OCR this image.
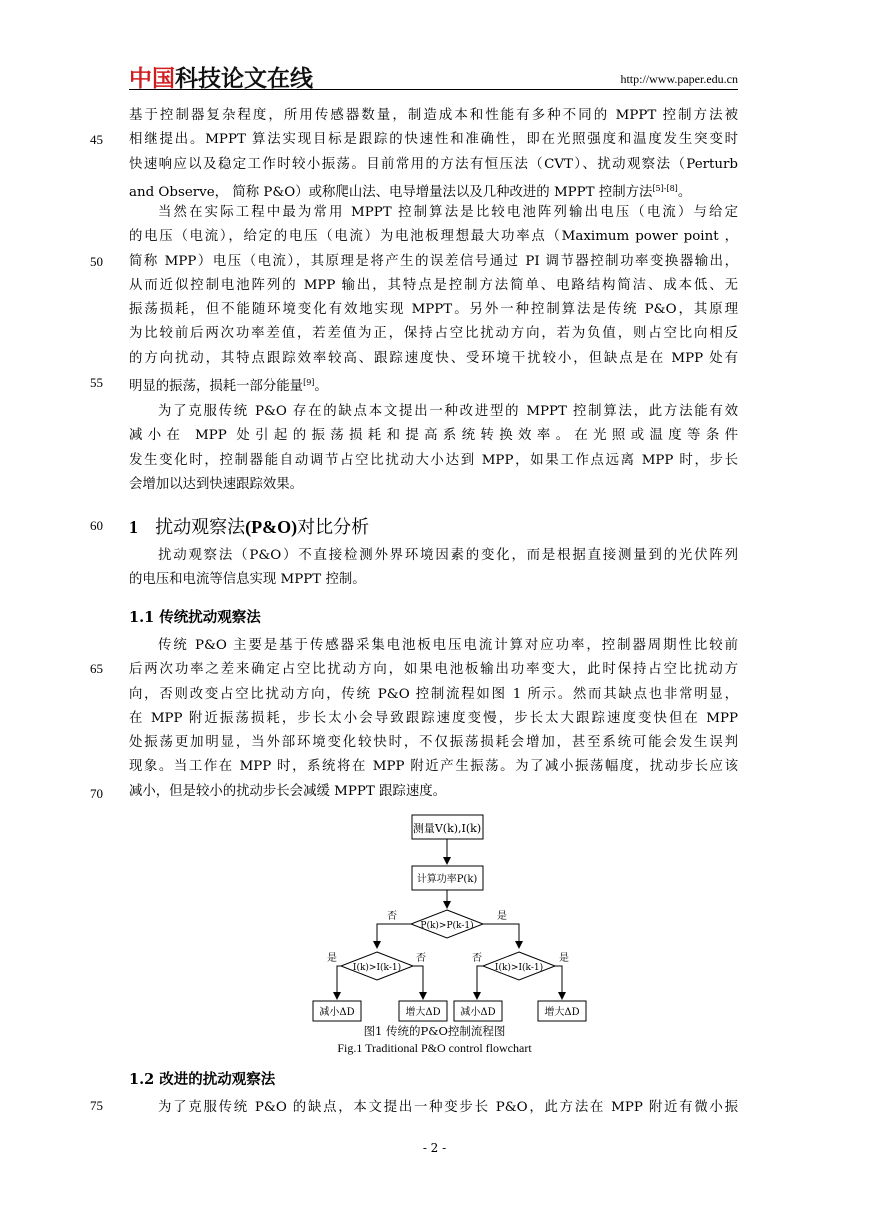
中国科技论文在线	http://www.paper.edu.cn
45
50
55
60
65
70
75
基于控制器复杂程度，所用传感器数量，制造成本和性能有多种不同的 MPPT 控制方法被
相继提出。MPPT 算法实现目标是跟踪的快速性和准确性，即在光照强度和温度发生突变时
快速响应以及稳定工作时较小振荡。目前常用的方法有恒压法（CVT）、扰动观察法（Perturb
and Observe， 简称 P&O）或称爬山法、电导增量法以及几种改进的 MPPT 控制方法[5]-[8]。
当然在实际工程中最为常用 MPPT 控制算法是比较电池阵列输出电压（电流）与给定
的电压（电流），给定的电压（电流）为电池板理想最大功率点（Maximum power point ，
简称 MPP）电压（电流），其原理是将产生的误差信号通过 PI 调节器控制功率变换器输出，
从而近似控制电池阵列的 MPP 输出，其特点是控制方法简单、电路结构简洁、成本低、无
振荡损耗，但不能随环境变化有效地实现 MPPT。另外一种控制算法是传统 P&O，其原理
为比较前后两次功率差值，若差值为正，保持占空比扰动方向，若为负值，则占空比向相反
的方向扰动，其特点跟踪效率较高、跟踪速度快、受环境干扰较小，但缺点是在 MPP 处有
明显的振荡，损耗一部分能量[9]。
为了克服传统 P&O 存在的缺点本文提出一种改进型的 MPPT 控制算法，此方法能有效
减小在 MPP 处引起的振荡损耗和提高系统转换效率。在光照或温度等条件
发生变化时，控制器能自动调节占空比扰动大小达到 MPP，如果工作点远离 MPP 时，步长
会增加以达到快速跟踪效果。
1 扰动观察法(P&O)对比分析
扰动观察法（P&O）不直接检测外界环境因素的变化，而是根据直接测量到的光伏阵列
的电压和电流等信息实现 MPPT 控制。
1.1 传统扰动观察法
传统 P&O 主要是基于传感器采集电池板电压电流计算对应功率，控制器周期性比较前
后两次功率之差来确定占空比扰动方向，如果电池板输出功率变大，此时保持占空比扰动方
向，否则改变占空比扰动方向，传统 P&O 控制流程如图 1 所示。然而其缺点也非常明显，
在 MPP 附近振荡损耗，步长太小会导致跟踪速度变慢，步长太大跟踪速度变快但在 MPP
处振荡更加明显，当外部环境变化较快时，不仅振荡损耗会增加，甚至系统可能会发生误判
现象。当工作在 MPP 时，系统将在 MPP 附近产生振荡。为了减小振荡幅度，扰动步长应该
减小，但是较小的扰动步长会减缓 MPPT 跟踪速度。
测量V(k),I(k)
计算功率P(k)
P(k)>P(k-1)
否	是
I(k)>I(k-1)
是	否
I(k)>I(k-1)
否	是
减小ΔD	增大ΔD 减小ΔD	增大ΔD
图1 传统的P&O控制流程图
Fig.1 Traditional P&O control flowchart
1.2 改进的扰动观察法
为了克服传统 P&O 的缺点，本文提出一种变步长 P&O，此方法在 MPP 附近有微小振
- 2 -
